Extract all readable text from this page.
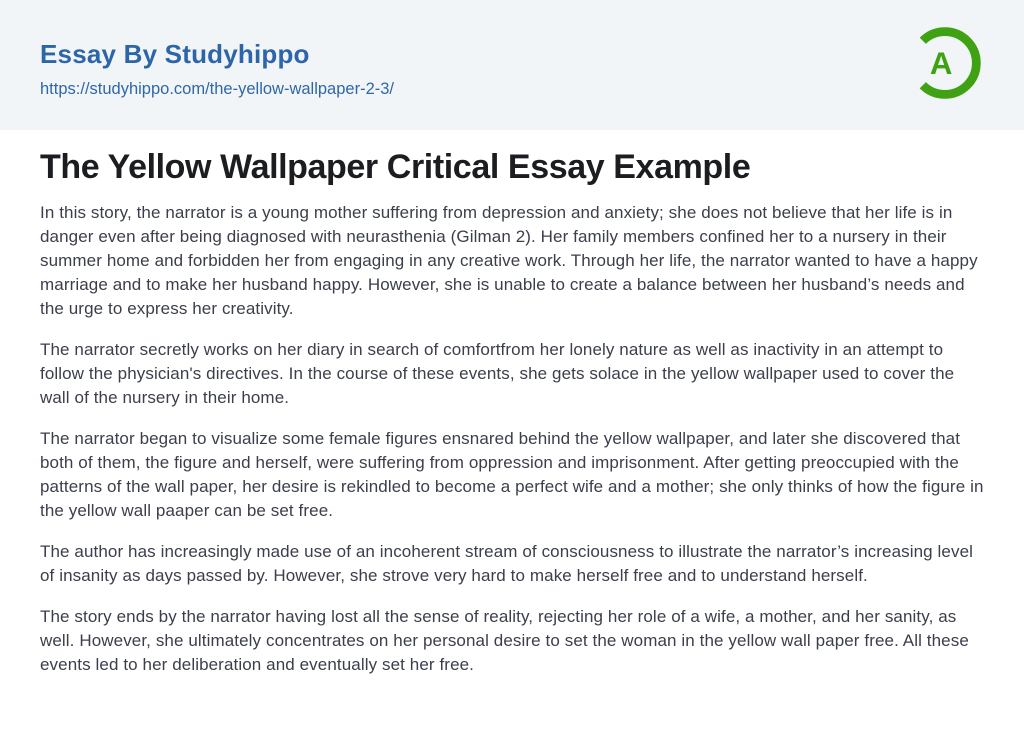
Essay By Studyhippo
https://studyhippo.com/the-yellow-wallpaper-2-3/
A
The Yellow Wallpaper Critical Essay Example

In this story, the narrator is a young mother suffering from depression and anxiety; she does not believe that her life is in danger even after being diagnosed with neurasthenia (Gilman 2). Her family members confined her to a nursery in their summer home and forbidden her from engaging in any creative work. Through her life, the narrator wanted to have a happy marriage and to make her husband happy. However, she is unable to create a balance between her husband’s needs and the urge to express her creativity.

The narrator secretly works on her diary in search of comfortfrom her lonely nature as well as inactivity in an attempt to follow the physician's directives. In the course of these events, she gets solace in the yellow wallpaper used to cover the wall of the nursery in their home.

The narrator began to visualize some female figures ensnared behind the yellow wallpaper, and later she discovered that both of them, the figure and herself, were suffering from oppression and imprisonment. After getting preoccupied with the patterns of the wall paper, her desire is rekindled to become a perfect wife and a mother; she only thinks of how the figure in the yellow wall paaper can be set free.

The author has increasingly made use of an incoherent stream of consciousness to illustrate the narrator’s increasing level of insanity as days passed by. However, she strove very hard to make herself free and to understand herself.

The story ends by the narrator having lost all the sense of reality, rejecting her role of a wife, a mother, and her sanity, as well. However, she ultimately concentrates on her personal desire to set the woman in the yellow wall paper free. All these events led to her deliberation and eventually set her free.
